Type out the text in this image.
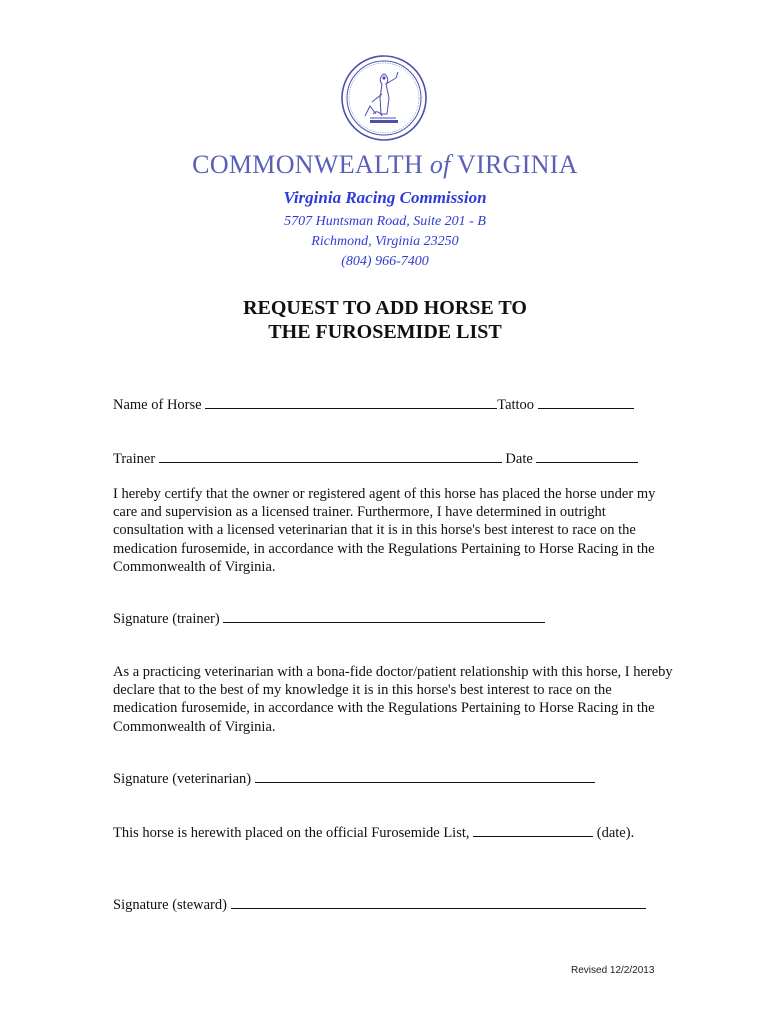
COMMONWEALTH of VIRGINIA
Virginia Racing Commission
5707 Huntsman Road, Suite 201 - B
Richmond, Virginia 23250
(804) 966-7400
REQUEST TO ADD HORSE TO
THE FUROSEMIDE LIST
Name of Horse	Tattoo
Trainer	Date
I hereby certify that the owner or registered agent of this horse has placed the horse under my care and supervision as a licensed trainer. Furthermore, I have determined in outright consultation with a licensed veterinarian that it is in this horse's best interest to race on the medication furosemide, in accordance with the Regulations Pertaining to Horse Racing in the Commonwealth of Virginia.
Signature (trainer)
As a practicing veterinarian with a bona-fide doctor/patient relationship with this horse, I hereby declare that to the best of my knowledge it is in this horse's best interest to race on the medication furosemide, in accordance with the Regulations Pertaining to Horse Racing in the Commonwealth of Virginia.
Signature (veterinarian)
This horse is herewith placed on the official Furosemide List,	(date).
Signature (steward)
Revised 12/2/2013
